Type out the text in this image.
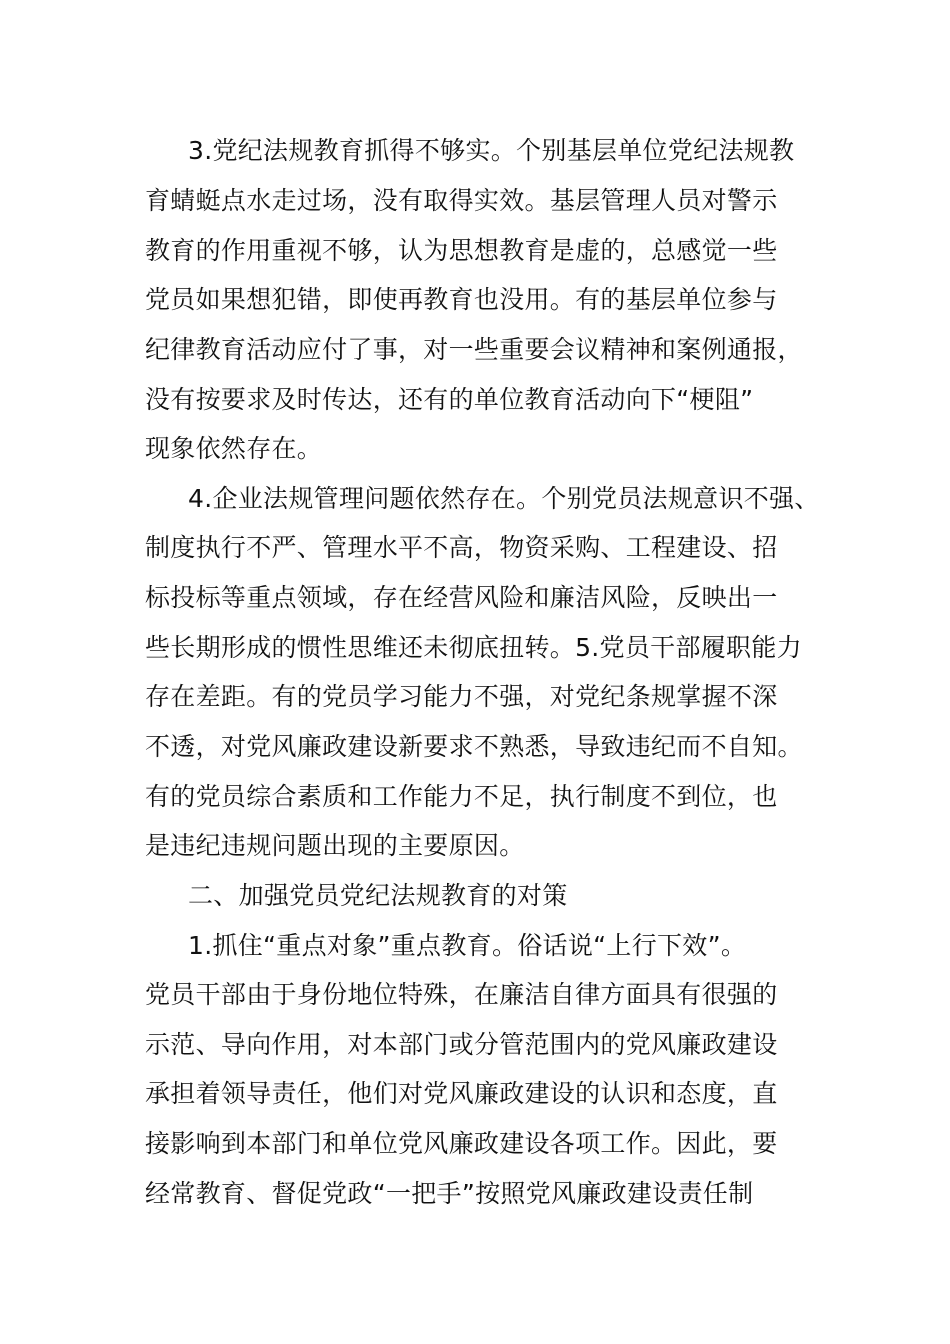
3.党纪法规教育抓得不够实。个别基层单位党纪法规教
育蜻蜓点水走过场，没有取得实效。基层管理人员对警示
教育的作用重视不够，认为思想教育是虚的，总感觉一些
党员如果想犯错，即使再教育也没用。有的基层单位参与
纪律教育活动应付了事，对一些重要会议精神和案例通报，
没有按要求及时传达，还有的单位教育活动向下“梗阻”
现象依然存在。
4.企业法规管理问题依然存在。个别党员法规意识不强、
制度执行不严、管理水平不高，物资采购、工程建设、招
标投标等重点领域，存在经营风险和廉洁风险，反映出一
些长期形成的惯性思维还未彻底扭转。5.党员干部履职能力
存在差距。有的党员学习能力不强，对党纪条规掌握不深
不透，对党风廉政建设新要求不熟悉，导致违纪而不自知。
有的党员综合素质和工作能力不足，执行制度不到位，也
是违纪违规问题出现的主要原因。
二、加强党员党纪法规教育的对策
1.抓住“重点对象”重点教育。俗话说“上行下效”。
党员干部由于身份地位特殊，在廉洁自律方面具有很强的
示范、导向作用，对本部门或分管范围内的党风廉政建设
承担着领导责任，他们对党风廉政建设的认识和态度，直
接影响到本部门和单位党风廉政建设各项工作。因此，要
经常教育、督促党政“一把手”按照党风廉政建设责任制
